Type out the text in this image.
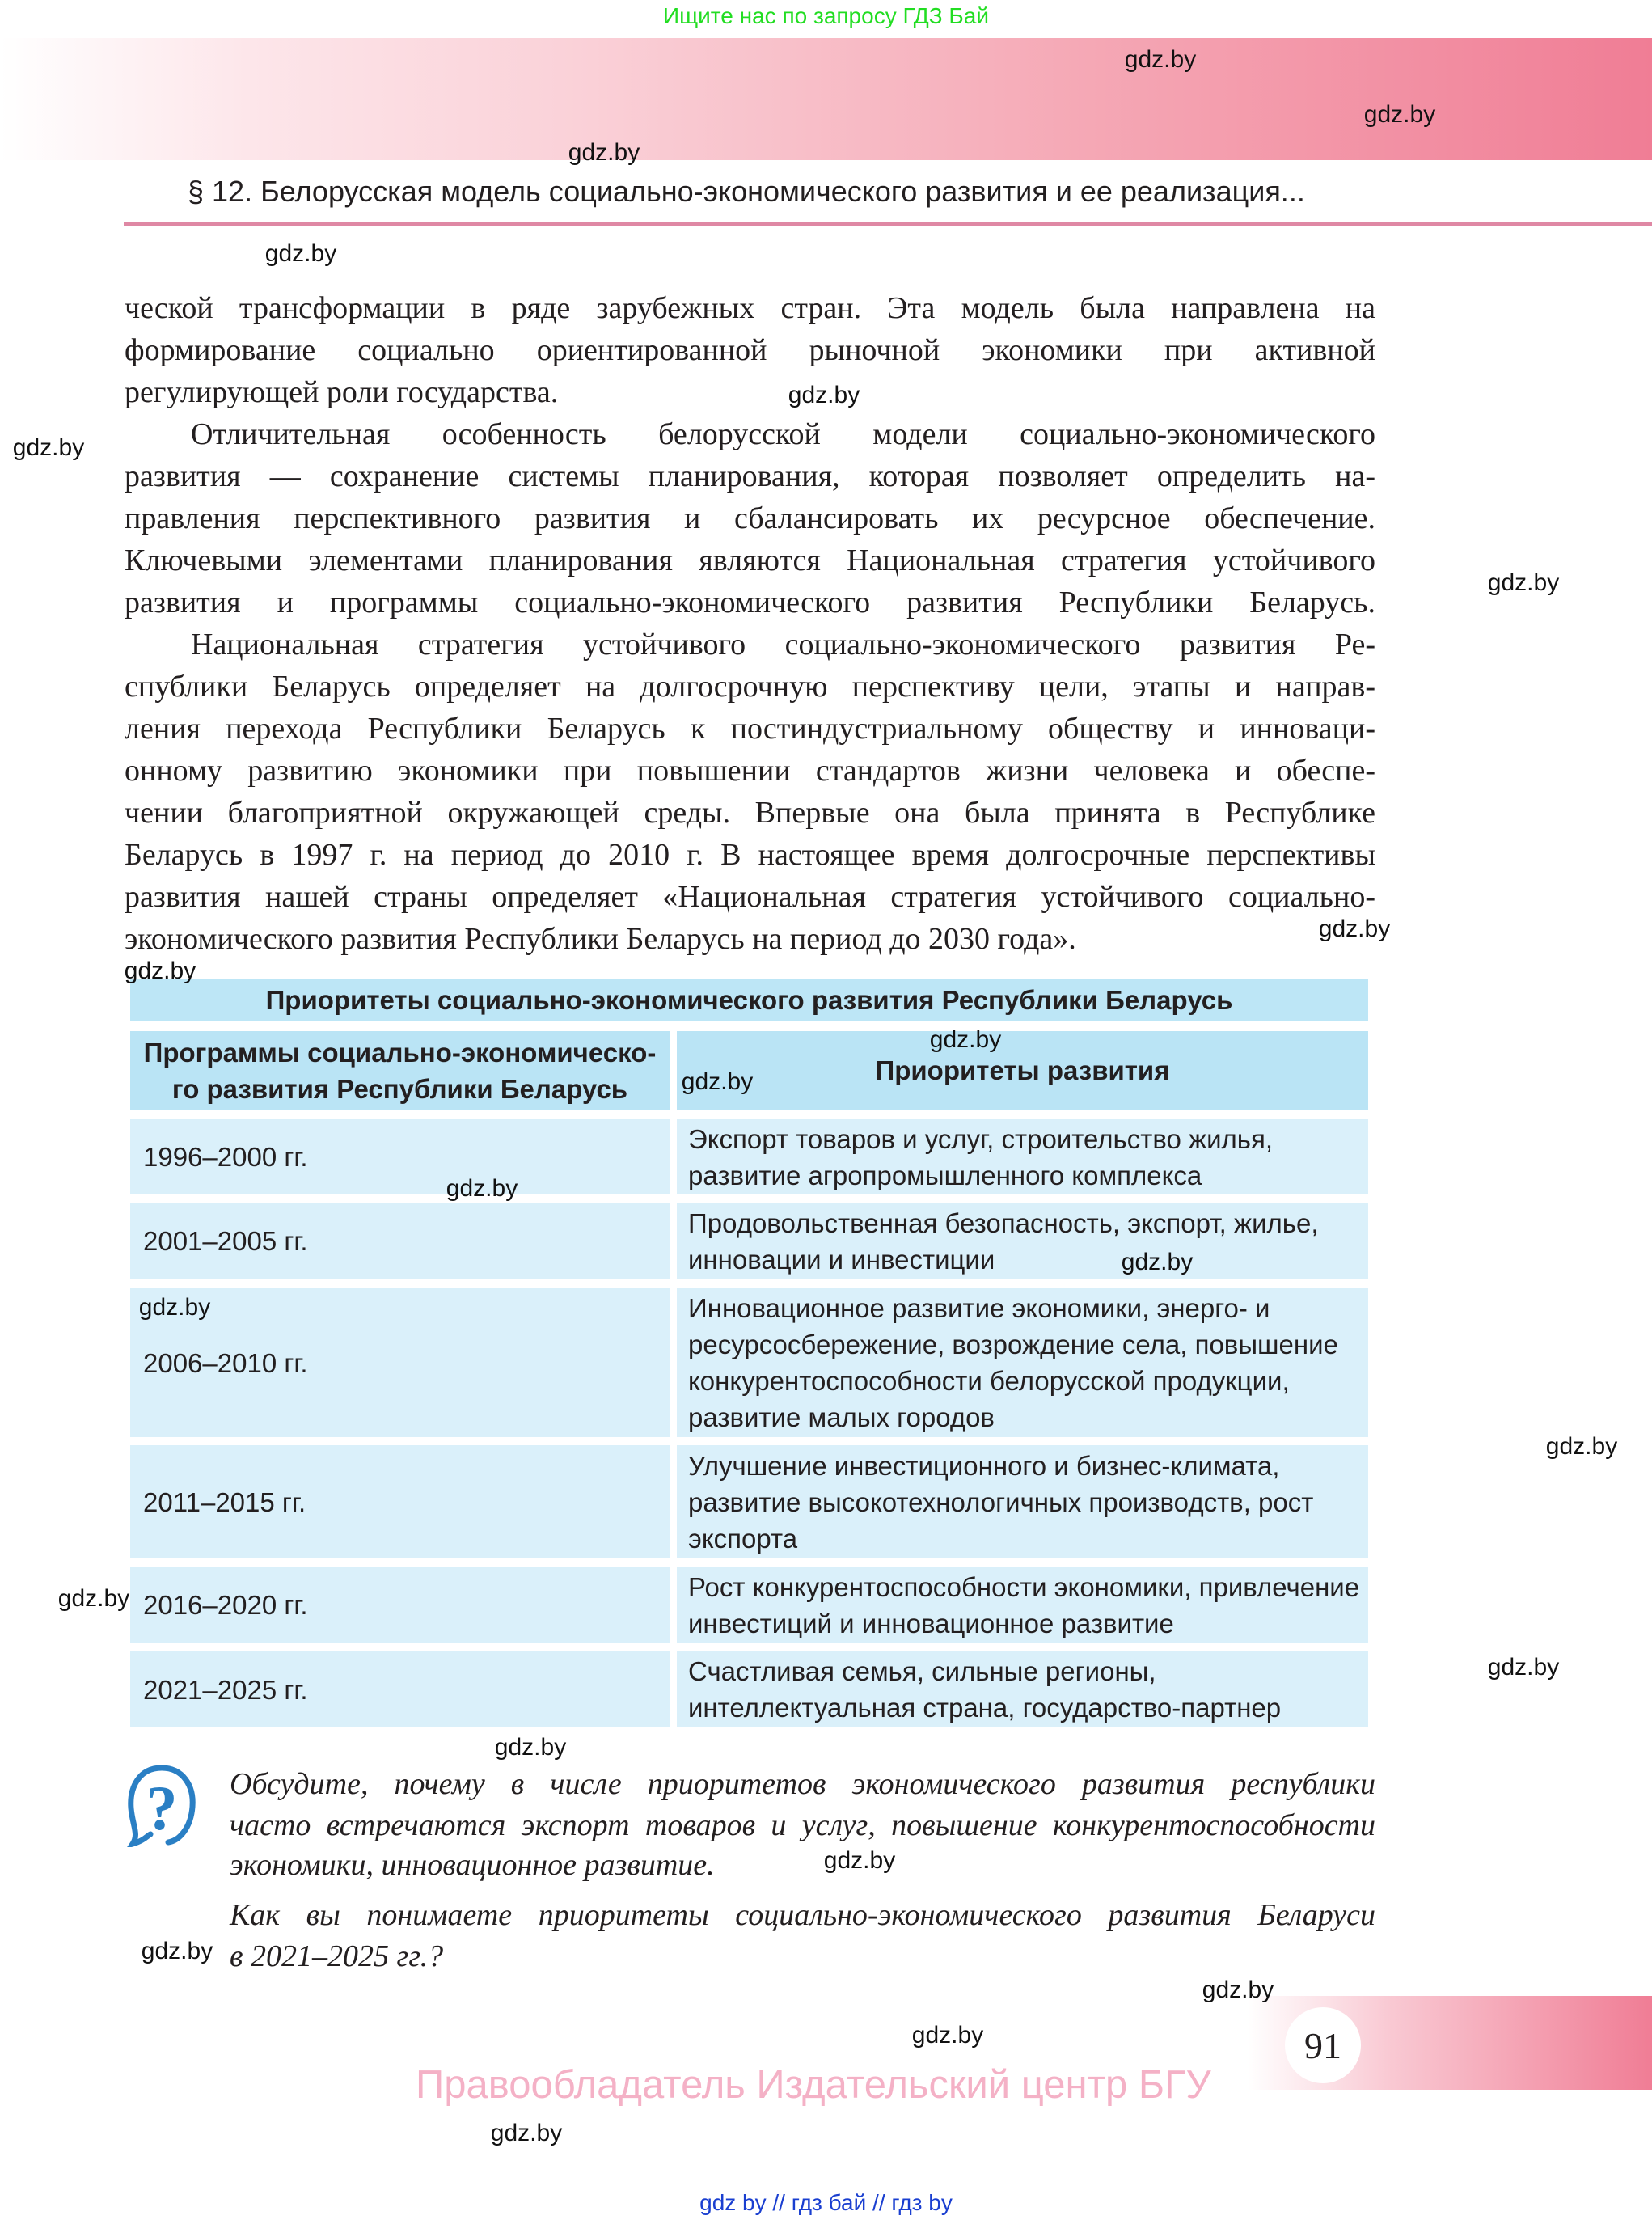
Ищите нас по запросу ГДЗ Бай
§ 12. Белорусская модель социально-экономического развития и ее реализация...
ческой трансформации в ряде зарубежных стран. Эта модель была направлена на
формирование социально ориентированной рыночной экономики при активной
регулирующей роли государства.
Отличительная особенность белорусской модели социально-экономического
развития — сохранение системы планирования, которая позволяет определить на-
правления перспективного развития и сбалансировать их ресурсное обеспечение.
Ключевыми элементами планирования являются Национальная стратегия устойчивого
развития и программы социально-экономического развития Республики Беларусь.
Национальная стратегия устойчивого социально-экономического развития Ре-
спублики Беларусь определяет на долгосрочную перспективу цели, этапы и направ-
ления перехода Республики Беларусь к постиндустриальному обществу и инноваци-
онному развитию экономики при повышении стандартов жизни человека и обеспе-
чении благоприятной окружающей среды. Впервые она была принята в Республике
Беларусь в 1997 г. на период до 2010 г. В настоящее время долгосрочные перспективы
развития нашей страны определяет «Национальная стратегия устойчивого социально-
экономического развития Республики Беларусь на период до 2030 года».
Приоритеты социально-экономического развития Республики Беларусь
Программы социально-экономическо-го развития Республики Беларусь
Приоритеты развития
1996–2000 гг.
Экспорт товаров и услуг, строительство жилья, развитие агропромышленного комплекса
2001–2005 гг.
Продовольственная безопасность, экспорт, жилье, инновации и инвестиции
2006–2010 гг.
Инновационное развитие экономики, энерго- и ресурсосбережение, возрождение села, повышение конкурентоспособности белорусской продукции, развитие малых городов
2011–2015 гг.
Улучшение инвестиционного и бизнес-климата, развитие высокотехнологичных производств, рост экспорта
2016–2020 гг.
Рост конкурентоспособности экономики, привлечение инвестиций и инновационное развитие
2021–2025 гг.
Счастливая семья, сильные регионы, интеллектуальная страна, государство-партнер
? Обсудите, почему в числе приоритетов экономического развития республики
часто встречаются экспорт товаров и услуг, повышение конкурентоспособности
экономики, инновационное развитие.
Как вы понимаете приоритеты социально-экономического развития Беларуси
в 2021–2025 гг.?
91
Правообладатель Издательский центр БГУ
gdz by // гдз бай // гдз by
gdz.by
gdz.by
gdz.by
gdz.by
gdz.by
gdz.by
gdz.by
gdz.by
gdz.by
gdz.by
gdz.by
gdz.by
gdz.by
gdz.by
gdz.by
gdz.by
gdz.by
gdz.by
gdz.by
gdz.by
gdz.by
gdz.by
gdz.by
